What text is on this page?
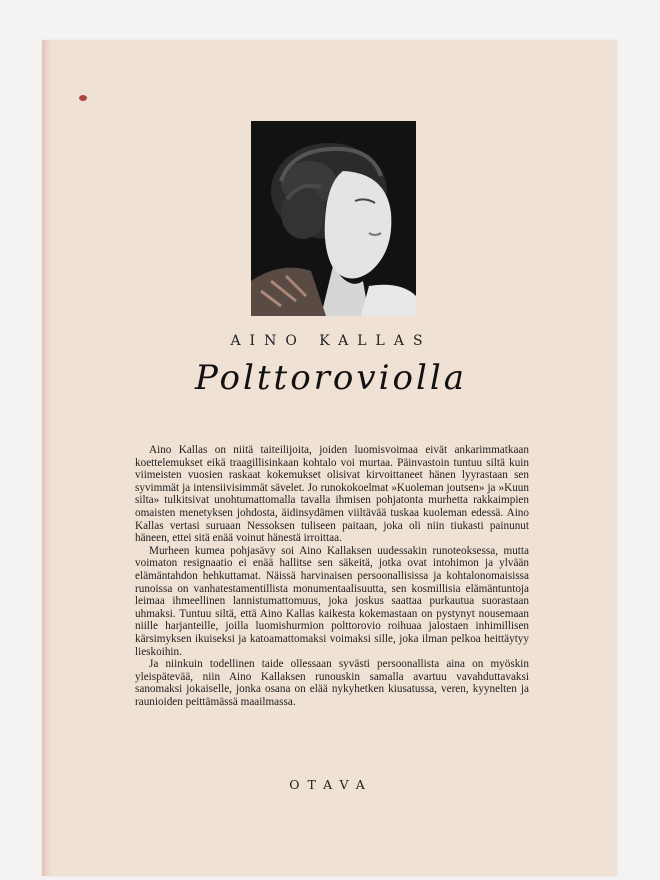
AINO KALLAS
Polttoroviolla

Aino Kallas on niitä taiteilijoita, joiden luomisvoimaa eivät ankarimmatkaan koettelemukset eikä traagillisinkaan kohtalo voi murtaa. Päinvastoin tuntuu siltä kuin viimeisten vuosien raskaat kokemukset olisivat kirvoittaneet hänen lyyrastaan sen syvimmät ja intensiivisimmät sävelet. Jo runokokoelmat »Kuoleman joutsen» ja »Kuun silta» tulkitsivat unohtumattomalla tavalla ihmisen pohjatonta murhetta rakkaimpien omaisten menetyksen johdosta, äidinsydämen viiltävää tuskaa kuoleman edessä. Aino Kallas vertasi suruaan Nessoksen tuliseen paitaan, joka oli niin tiukasti painunut häneen, ettei sitä enää voinut hänestä irroittaa.

Murheen kumea pohjasävy soi Aino Kallaksen uudessakin runoteoksessa, mutta voimaton resignaatio ei enää hallitse sen säkeitä, jotka ovat intohimon ja ylvään elämäntahdon hehkuttamat. Näissä harvinaisen persoonallisissa ja kohtalonomaisissa runoissa on vanhatestamentillista monumentaalisuutta, sen kosmillisia elämäntuntoja leimaa ihmeellinen lannistumattomuus, joka joskus saattaa purkautua suorastaan uhmaksi. Tuntuu siltä, että Aino Kallas kaikesta kokemastaan on pystynyt nousemaan niille harjanteille, joilla luomishurmion polttorovio roihuaa jalostaen inhimillisen kärsimyksen ikuiseksi ja katoamattomaksi voimaksi sille, joka ilman pelkoa heittäytyy lieskoihin.

Ja niinkuin todellinen taide ollessaan syvästi persoonallista aina on myöskin yleispätevää, niin Aino Kallaksen runouskin samalla avartuu vavahduttavaksi sanomaksi jokaiselle, jonka osana on elää nykyhetken kiusatussa, veren, kyynelten ja raunioiden peittämässä maailmassa.

OTAVA
